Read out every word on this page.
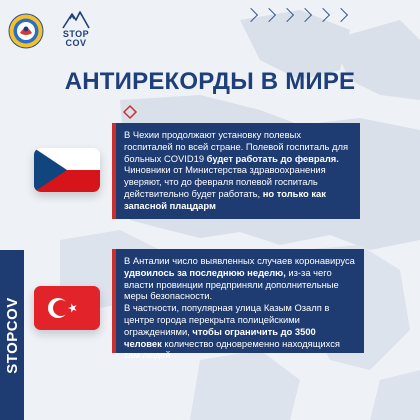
STOP COV
АНТИРЕКОРДЫ В МИРЕ
В Чехии продолжают установку полевых госпиталей по всей стране. Полевой госпиталь для больных COVID19 будет работать до февраля. Чиновники от Министерства здравоохранения уверяют, что до февраля полевой госпиталь действительно будет работать, но только как запасной плацдарм
В Анталии число выявленных случаев коронавируса удвоилось за последнюю неделю, из-за чего власти провинции предприняли дополнительные меры безопасности.
В частности, популярная улица Казым Озалп в центре города перекрыта полицейскими ограждениями, чтобы ограничить до 3500 человек количество одновременно находящихся там людей
STOPCOV
